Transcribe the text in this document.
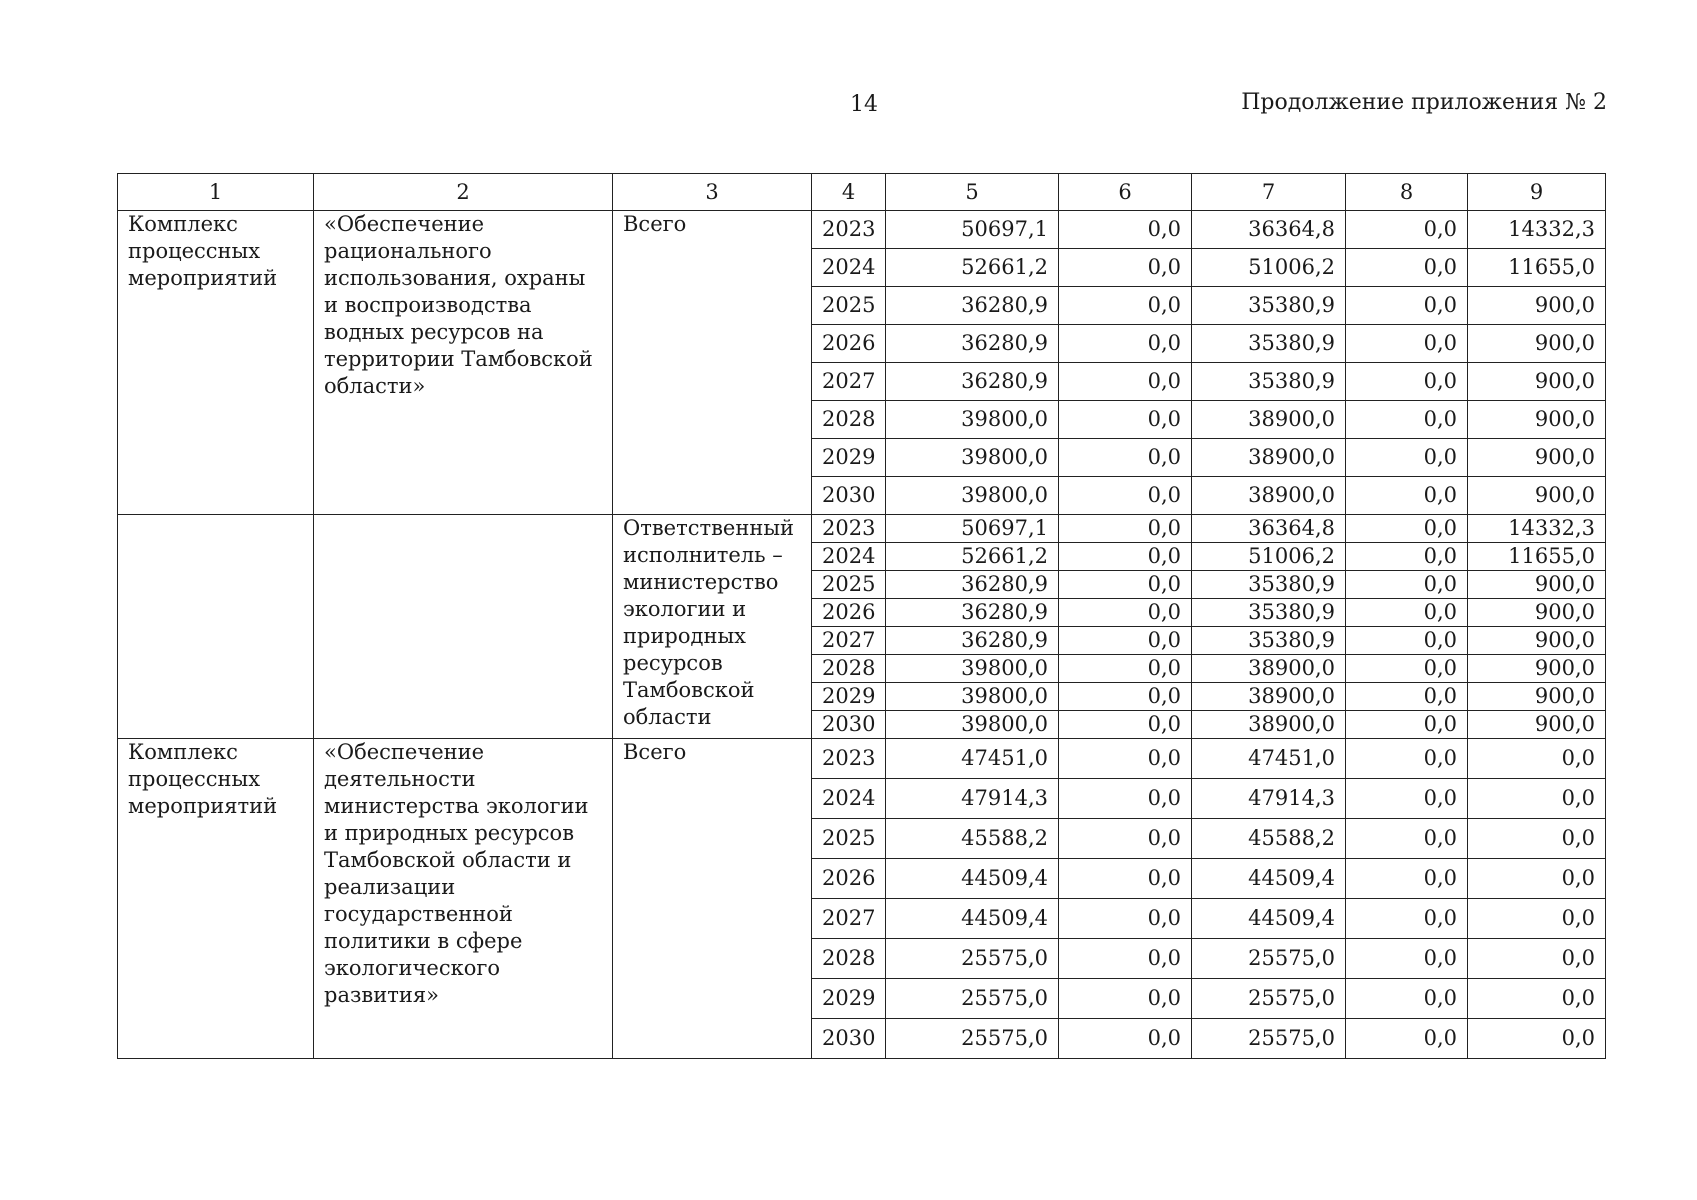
14	Продолжение приложения № 2
1	2	3	4	5	6	7	8	9
Комплекс процессных мероприятий	«Обеспечение рационального использования, охраны и воспроизводства водных ресурсов на территории Тамбовской области»	Всего	2023	50697,1	0,0	36364,8	0,0	14332,3
			2024	52661,2	0,0	51006,2	0,0	11655,0
			2025	36280,9	0,0	35380,9	0,0	900,0
			2026	36280,9	0,0	35380,9	0,0	900,0
			2027	36280,9	0,0	35380,9	0,0	900,0
			2028	39800,0	0,0	38900,0	0,0	900,0
			2029	39800,0	0,0	38900,0	0,0	900,0
			2030	39800,0	0,0	38900,0	0,0	900,0
		Ответственный исполнитель – министерство экологии и природных ресурсов Тамбовской области	2023	50697,1	0,0	36364,8	0,0	14332,3
			2024	52661,2	0,0	51006,2	0,0	11655,0
			2025	36280,9	0,0	35380,9	0,0	900,0
			2026	36280,9	0,0	35380,9	0,0	900,0
			2027	36280,9	0,0	35380,9	0,0	900,0
			2028	39800,0	0,0	38900,0	0,0	900,0
			2029	39800,0	0,0	38900,0	0,0	900,0
			2030	39800,0	0,0	38900,0	0,0	900,0
Комплекс процессных мероприятий	«Обеспечение деятельности министерства экологии и природных ресурсов Тамбовской области и реализации государственной политики в сфере экологического развития»	Всего	2023	47451,0	0,0	47451,0	0,0	0,0
			2024	47914,3	0,0	47914,3	0,0	0,0
			2025	45588,2	0,0	45588,2	0,0	0,0
			2026	44509,4	0,0	44509,4	0,0	0,0
			2027	44509,4	0,0	44509,4	0,0	0,0
			2028	25575,0	0,0	25575,0	0,0	0,0
			2029	25575,0	0,0	25575,0	0,0	0,0
			2030	25575,0	0,0	25575,0	0,0	0,0
